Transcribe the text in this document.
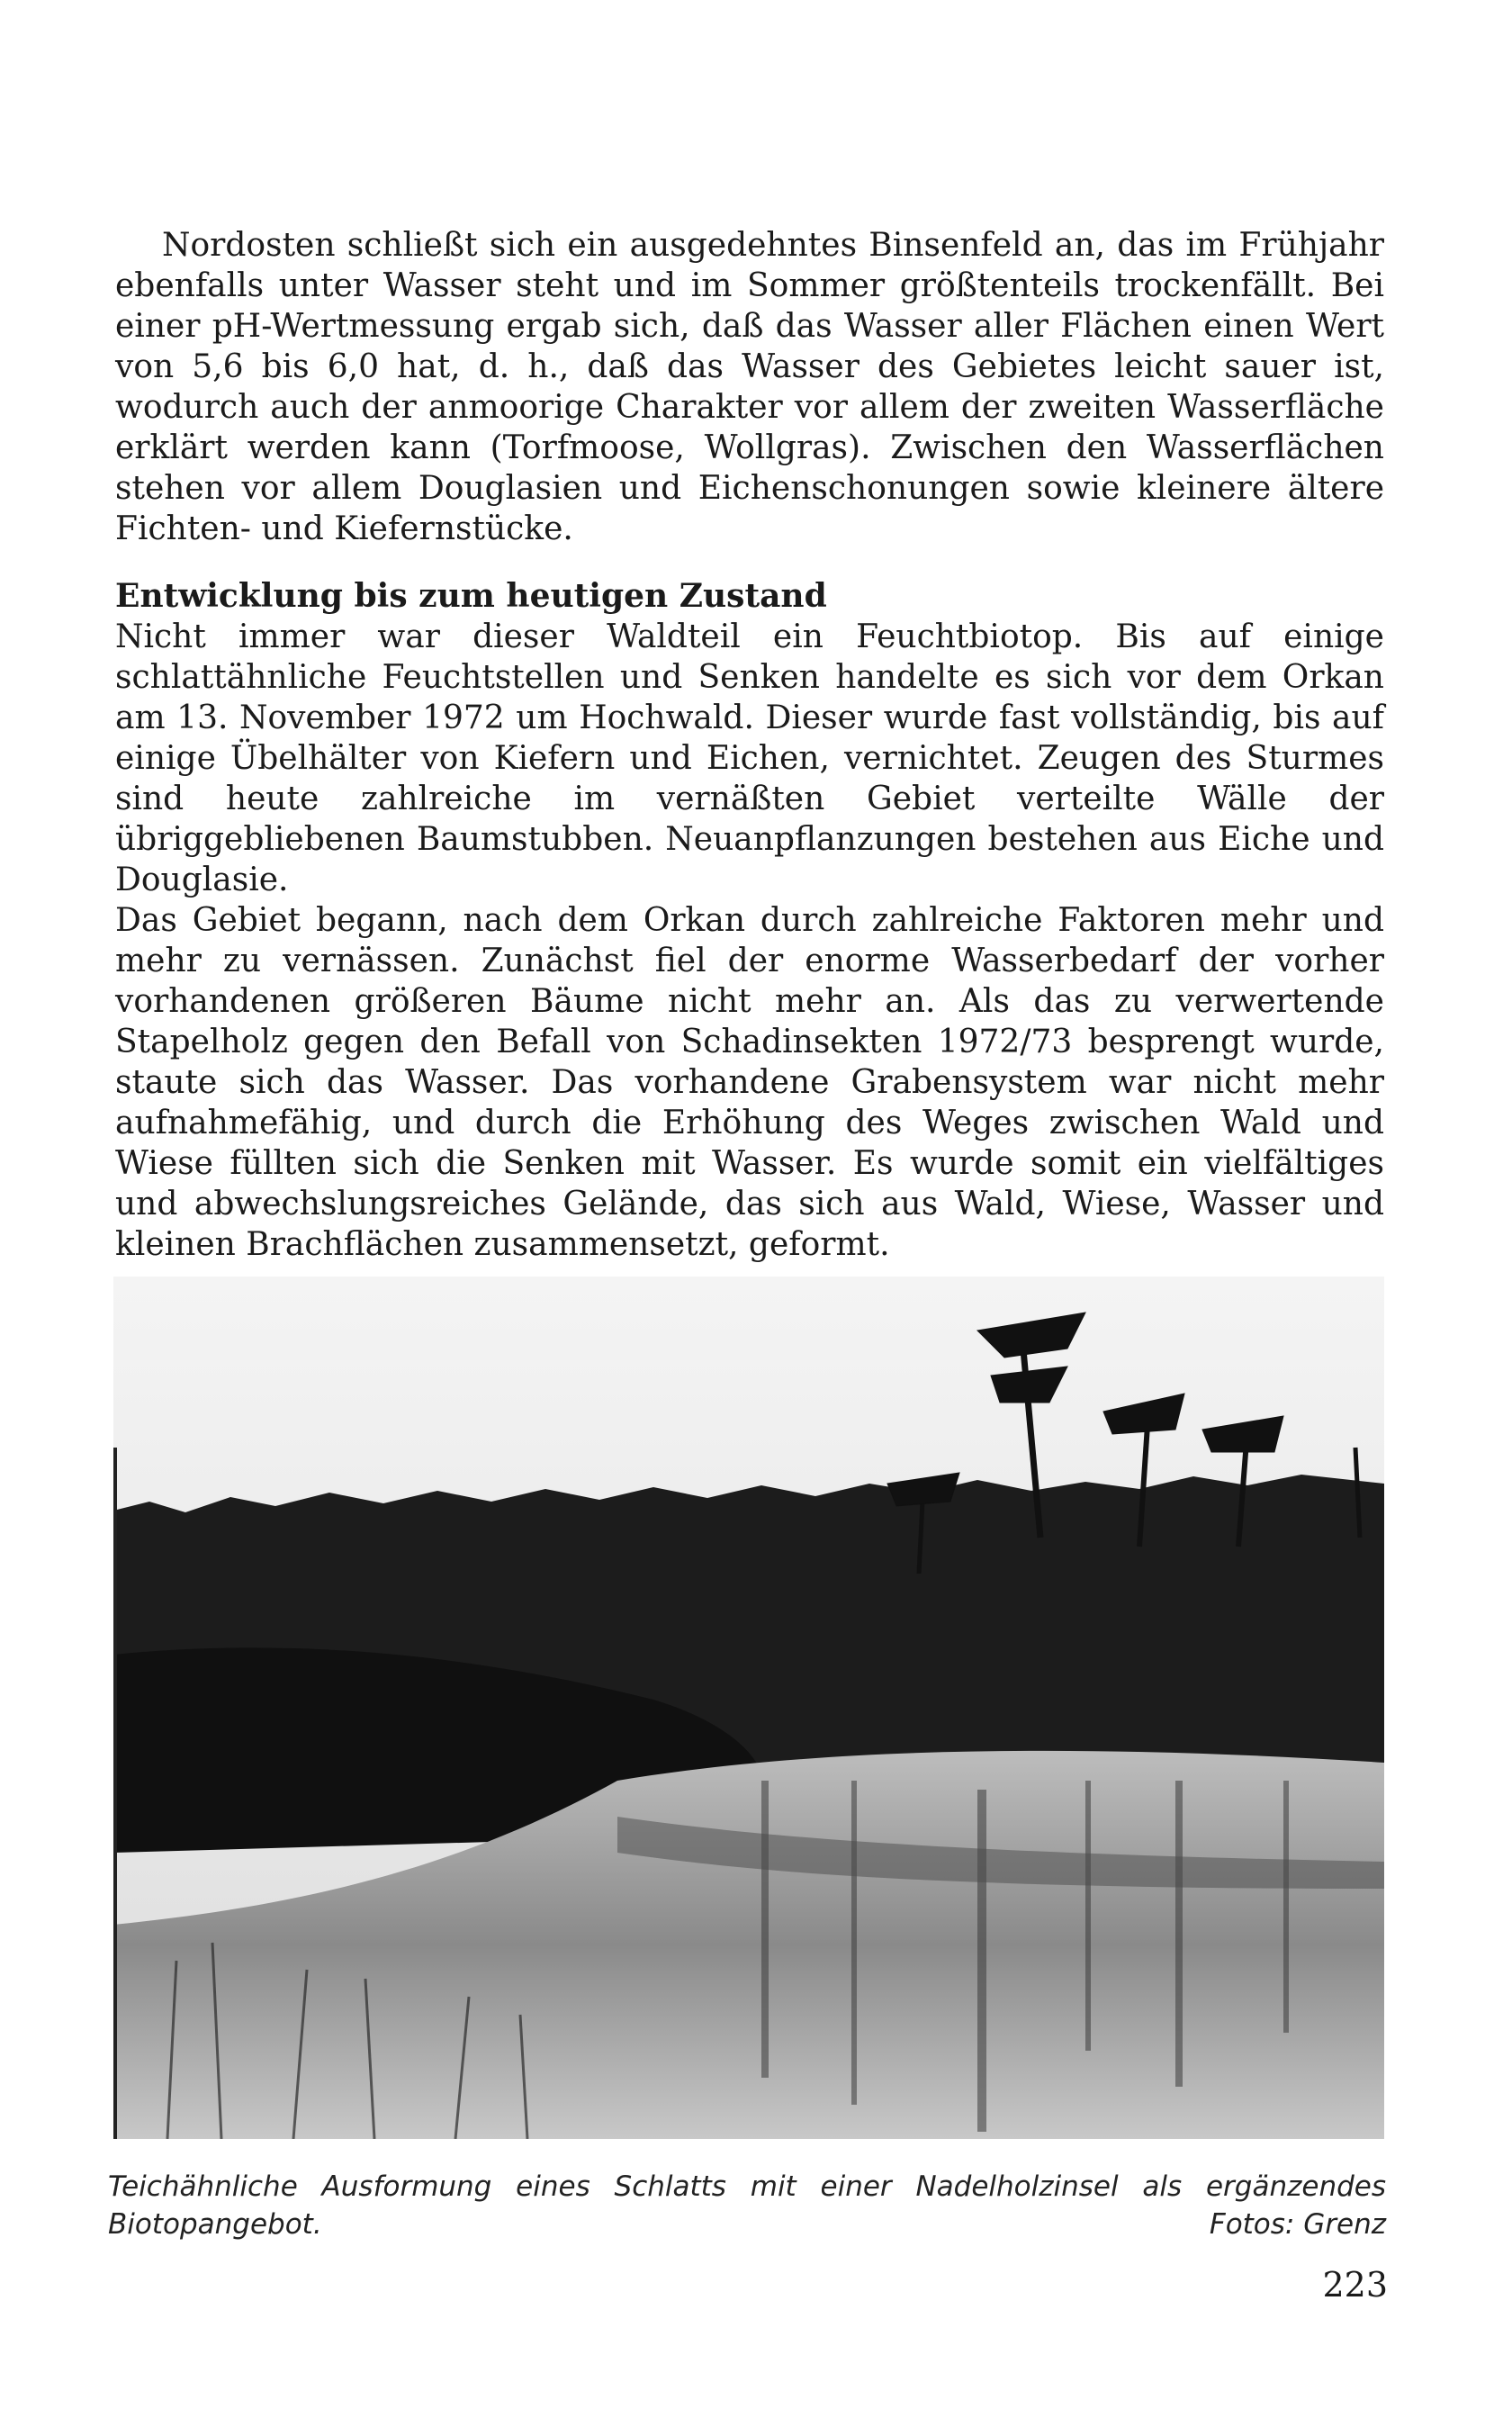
Nordosten schließt sich ein ausgedehntes Binsenfeld an, das im Frühjahr ebenfalls unter Wasser steht und im Sommer größtenteils trockenfällt. Bei einer pH-Wertmessung ergab sich, daß das Wasser aller Flächen einen Wert von 5,6 bis 6,0 hat, d. h., daß das Wasser des Gebietes leicht sauer ist, wodurch auch der anmoorige Charakter vor allem der zweiten Wasserfläche erklärt werden kann (Torfmoose, Wollgras). Zwischen den Wasserflächen stehen vor allem Douglasien und Eichenschonungen sowie kleinere ältere Fichten- und Kiefernstücke.

Entwicklung bis zum heutigen Zustand

Nicht immer war dieser Waldteil ein Feuchtbiotop. Bis auf einige schlattähnliche Feuchtstellen und Senken handelte es sich vor dem Orkan am 13. November 1972 um Hochwald. Dieser wurde fast vollständig, bis auf einige Übelhälter von Kiefern und Eichen, vernichtet. Zeugen des Sturmes sind heute zahlreiche im vernäßten Gebiet verteilte Wälle der übriggebliebenen Baumstubben. Neuanpflanzungen bestehen aus Eiche und Douglasie.

Das Gebiet begann, nach dem Orkan durch zahlreiche Faktoren mehr und mehr zu vernässen. Zunächst fiel der enorme Wasserbedarf der vorher vorhandenen größeren Bäume nicht mehr an. Als das zu verwertende Stapelholz gegen den Befall von Schadinsekten 1972/73 besprengt wurde, staute sich das Wasser. Das vorhandene Grabensystem war nicht mehr aufnahmefähig, und durch die Erhöhung des Weges zwischen Wald und Wiese füllten sich die Senken mit Wasser. Es wurde somit ein vielfältiges und abwechslungsreiches Gelände, das sich aus Wald, Wiese, Wasser und kleinen Brachflächen zusammensetzt, geformt.

Teichähnliche Ausformung eines Schlatts mit einer Nadelholzinsel als ergänzendes Biotopangebot.	Fotos: Grenz
223
